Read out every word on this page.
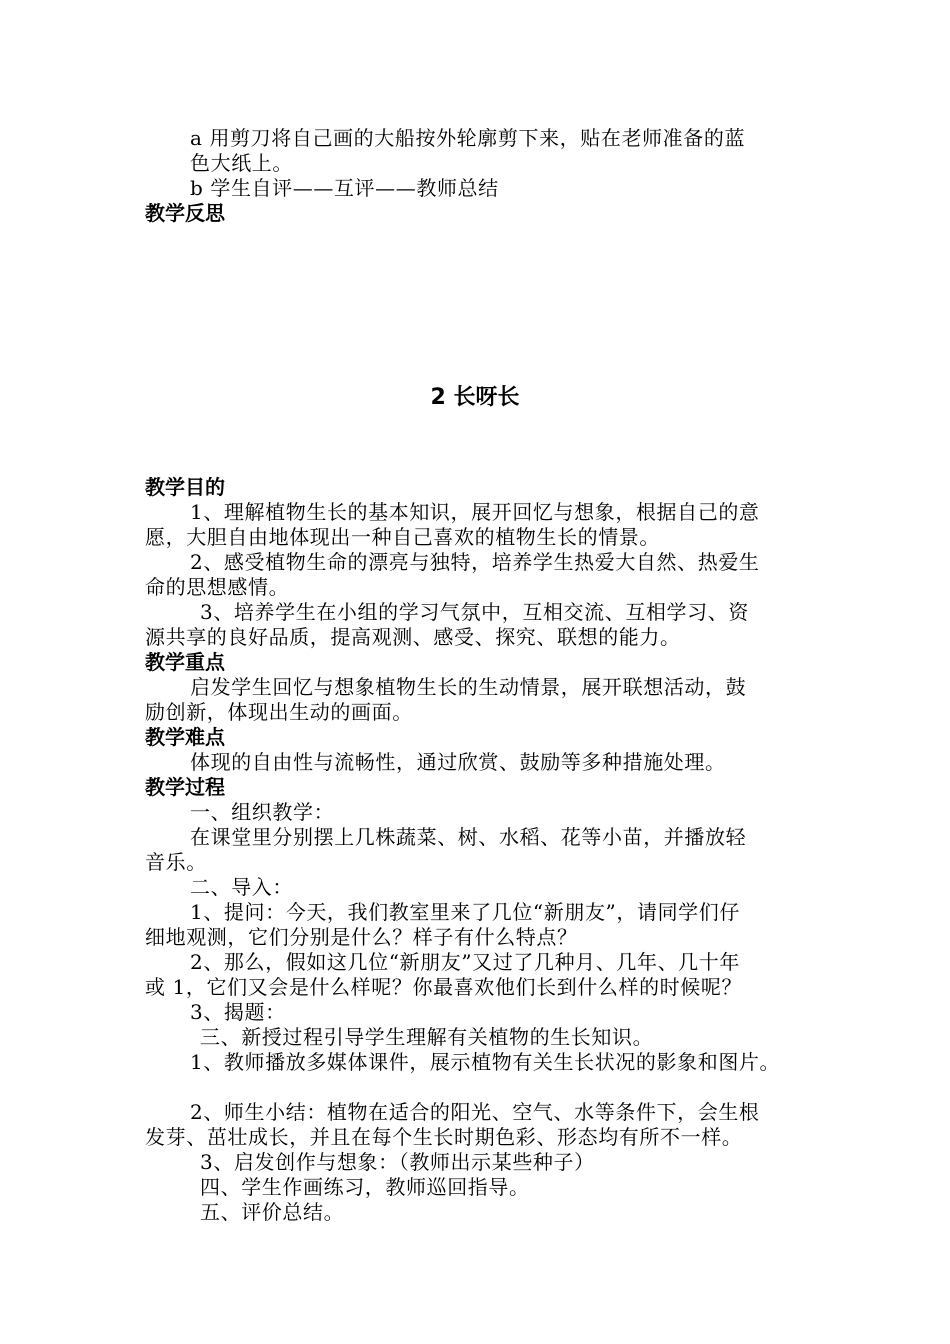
a 用剪刀将自己画的大船按外轮廓剪下来，贴在老师准备的蓝
色大纸上。
b 学生自评——互评——教师总结
教学反思
2 长呀长
教学目的
1、理解植物生长的基本知识，展开回忆与想象，根据自己的意
愿，大胆自由地体现出一种自己喜欢的植物生长的情景。
2、感受植物生命的漂亮与独特，培养学生热爱大自然、热爱生
命的思想感情。
3、培养学生在小组的学习气氛中，互相交流、互相学习、资
源共享的良好品质，提高观测、感受、探究、联想的能力。
教学重点
启发学生回忆与想象植物生长的生动情景，展开联想活动，鼓
励创新，体现出生动的画面。
教学难点
体现的自由性与流畅性，通过欣赏、鼓励等多种措施处理。
教学过程
一、组织教学：
在课堂里分别摆上几株蔬菜、树、水稻、花等小苗，并播放轻
音乐。
二、导入：
1、提问：今天，我们教室里来了几位“新朋友”，请同学们仔
细地观测，它们分别是什么？样子有什么特点？
2、那么，假如这几位“新朋友”又过了几种月、几年、几十年
或 1，它们又会是什么样呢？你最喜欢他们长到什么样的时候呢？
3、揭题：
三、新授过程引导学生理解有关植物的生长知识。
1、教师播放多媒体课件，展示植物有关生长状况的影象和图片。
2、师生小结：植物在适合的阳光、空气、水等条件下，会生根
发芽、茁壮成长，并且在每个生长时期色彩、形态均有所不一样。
3、启发创作与想象：（教师出示某些种子）
四、学生作画练习，教师巡回指导。
五、评价总结。
